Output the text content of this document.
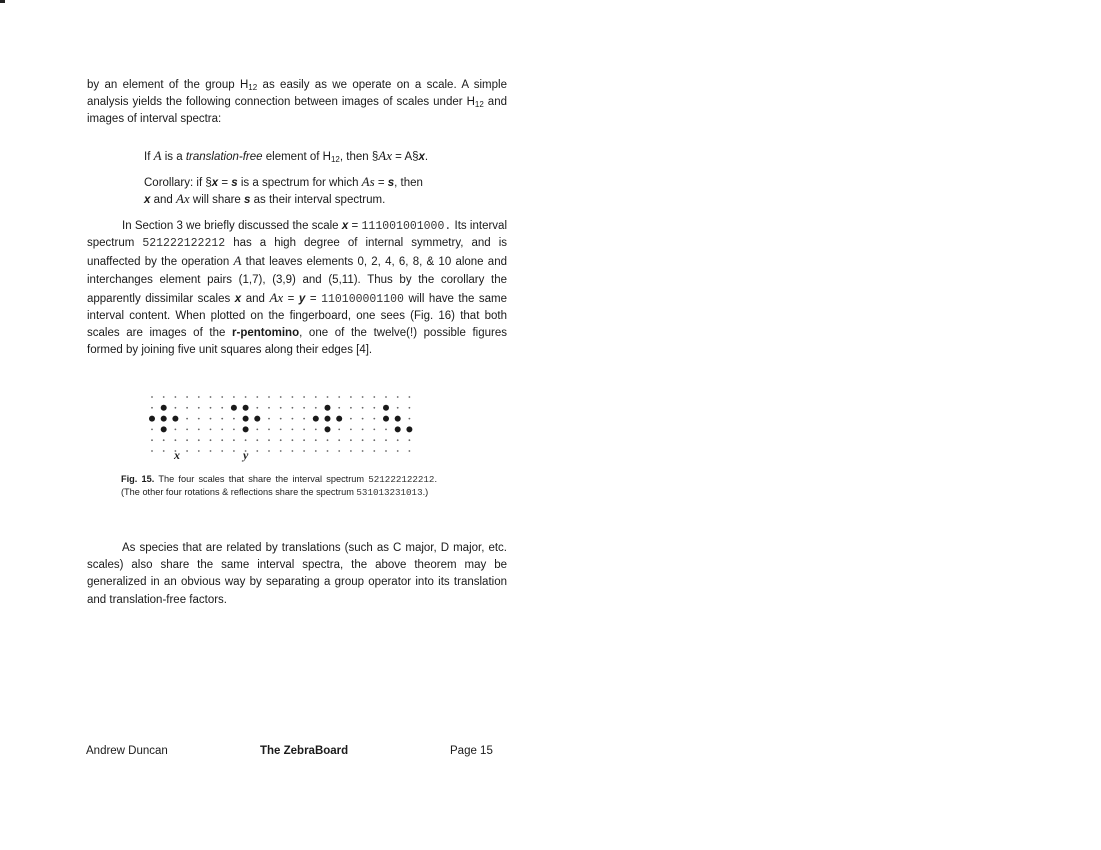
by an element of the group $H_{12}$ as easily as we operate on a scale. A simple analysis yields the following connection between images of scales under $H_{12}$ and images of interval spectra:
If A is a translation-free element of $H_{12}$, then §Ax = A§x.
Corollary: if §x = s is a spectrum for which As = s, then
x and Ax will share s as their interval spectrum.
In Section 3 we briefly discussed the scale x = 111001001000. Its interval spectrum 521222122212 has a high degree of internal symmetry, and is unaffected by the operation A that leaves elements 0, 2, 4, 6, 8, & 10 alone and interchanges element pairs (1,7), (3,9) and (5,11). Thus by the corollary the apparently dissimilar scales x and Ax = y = 110100001100 will have the same interval content. When plotted on the fingerboard, one sees (Fig. 16) that both scales are images of the r-pentomino, one of the twelve(!) possible figures formed by joining five unit squares along their edges [4].
x	y
Fig. 15. The four scales that share the interval spectrum 521222122212. (The other four rotations & reflections share the spectrum 531013231013.)
As species that are related by translations (such as C major, D major, etc. scales) also share the same interval spectra, the above theorem may be generalized in an obvious way by separating a group operator into its translation and translation-free factors.
Andrew Duncan	The ZebraBoard	Page 15
